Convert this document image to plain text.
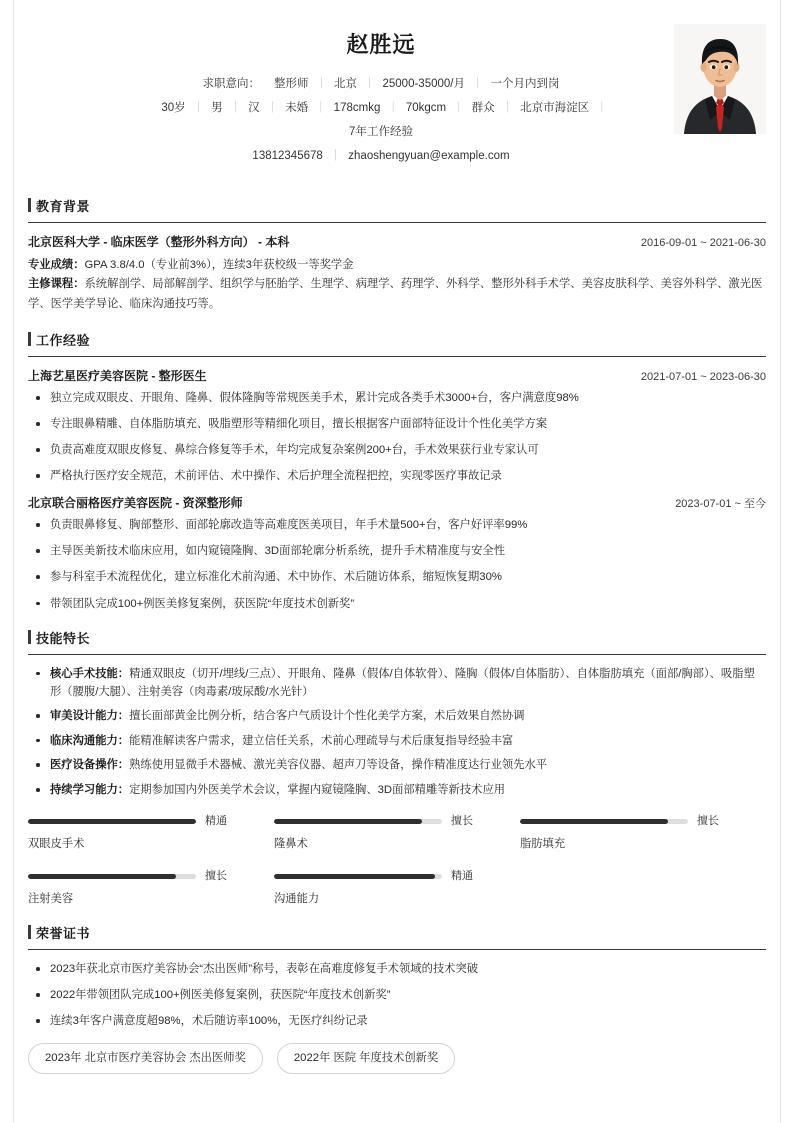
赵胜远
求职意向：	整形师 ｜ 北京 ｜ 25000-35000/月 ｜ 一个月内到岗
30岁 ｜ 男 ｜ 汉 ｜ 未婚 ｜ 178cmkg ｜ 70kgcm ｜ 群众 ｜ 北京市海淀区 ｜
7年工作经验
13812345678 ｜ zhaoshengyuan@example.com
教育背景
北京医科大学 - 临床医学（整形外科方向） - 本科	2016-09-01 ~ 2021-06-30
专业成绩：GPA 3.8/4.0（专业前3%），连续3年获校级一等奖学金
主修课程：系统解剖学、局部解剖学、组织学与胚胎学、生理学、病理学、药理学、外科学、整形外科手术学、美容皮肤科学、美容外科学、激光医学、医学美学导论、临床沟通技巧等。
工作经验
上海艺星医疗美容医院 - 整形医生	2021-07-01 ~ 2023-06-30
独立完成双眼皮、开眼角、隆鼻、假体隆胸等常规医美手术，累计完成各类手术3000+台，客户满意度98%
专注眼鼻精雕、自体脂肪填充、吸脂塑形等精细化项目，擅长根据客户面部特征设计个性化美学方案
负责高难度双眼皮修复、鼻综合修复等手术，年均完成复杂案例200+台，手术效果获行业专家认可
严格执行医疗安全规范，术前评估、术中操作、术后护理全流程把控，实现零医疗事故记录
北京联合丽格医疗美容医院 - 资深整形师	2023-07-01 ~ 至今
负责眼鼻修复、胸部整形、面部轮廓改造等高难度医美项目，年手术量500+台，客户好评率99%
主导医美新技术临床应用，如内窥镜隆胸、3D面部轮廓分析系统，提升手术精准度与安全性
参与科室手术流程优化，建立标准化术前沟通、术中协作、术后随访体系，缩短恢复期30%
带领团队完成100+例医美修复案例，获医院“年度技术创新奖”
技能特长
核心手术技能：精通双眼皮（切开/埋线/三点）、开眼角、隆鼻（假体/自体软骨）、隆胸（假体/自体脂肪）、自体脂肪填充（面部/胸部）、吸脂塑形（腰腹/大腿）、注射美容（肉毒素/玻尿酸/水光针）
审美设计能力：擅长面部黄金比例分析，结合客户气质设计个性化美学方案，术后效果自然协调
临床沟通能力：能精准解读客户需求，建立信任关系，术前心理疏导与术后康复指导经验丰富
医疗设备操作：熟练使用显微手术器械、激光美容仪器、超声刀等设备，操作精准度达行业领先水平
持续学习能力：定期参加国内外医美学术会议，掌握内窥镜隆胸、3D面部精雕等新技术应用
精通
双眼皮手术
擅长
隆鼻术
擅长
脂肪填充
擅长
注射美容
精通
沟通能力
荣誉证书
2023年获北京市医疗美容协会“杰出医师”称号，表彰在高难度修复手术领域的技术突破
2022年带领团队完成100+例医美修复案例，获医院“年度技术创新奖”
连续3年客户满意度超98%，术后随访率100%，无医疗纠纷记录
2023年 北京市医疗美容协会 杰出医师奖	2022年 医院 年度技术创新奖
